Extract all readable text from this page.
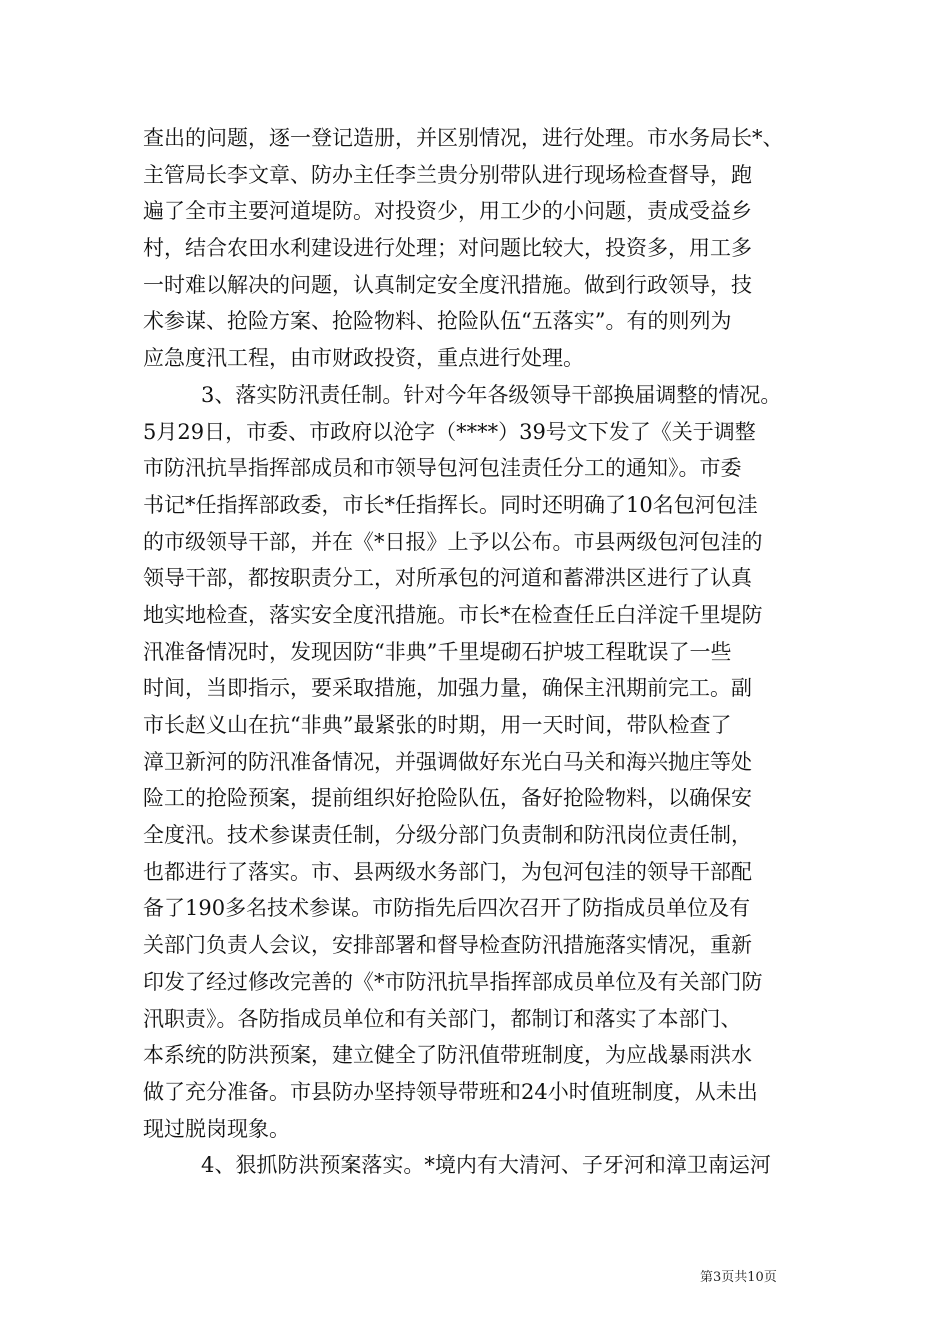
查出的问题，逐一登记造册，并区别情况，进行处理。市水务局长*、
主管局长李文章、防办主任李兰贵分别带队进行现场检查督导，跑
遍了全市主要河道堤防。对投资少，用工少的小问题，责成受益乡
村，结合农田水利建设进行处理；对问题比较大，投资多，用工多
一时难以解决的问题，认真制定安全度汛措施。做到行政领导，技
术参谋、抢险方案、抢险物料、抢险队伍“五落实”。有的则列为
应急度汛工程，由市财政投资，重点进行处理。
3、落实防汛责任制。针对今年各级领导干部换届调整的情况。
5月29日，市委、市政府以沧字（****）39号文下发了《关于调整
市防汛抗旱指挥部成员和市领导包河包洼责任分工的通知》。市委
书记*任指挥部政委，市长*任指挥长。同时还明确了10名包河包洼
的市级领导干部，并在《*日报》上予以公布。市县两级包河包洼的
领导干部，都按职责分工，对所承包的河道和蓄滞洪区进行了认真
地实地检查，落实安全度汛措施。市长*在检查任丘白洋淀千里堤防
汛准备情况时，发现因防“非典”千里堤砌石护坡工程耽误了一些
时间，当即指示，要采取措施，加强力量，确保主汛期前完工。副
市长赵义山在抗“非典”最紧张的时期，用一天时间，带队检查了
漳卫新河的防汛准备情况，并强调做好东光白马关和海兴抛庄等处
险工的抢险预案，提前组织好抢险队伍，备好抢险物料，以确保安
全度汛。技术参谋责任制，分级分部门负责制和防汛岗位责任制，
也都进行了落实。市、县两级水务部门，为包河包洼的领导干部配
备了190多名技术参谋。市防指先后四次召开了防指成员单位及有
关部门负责人会议，安排部署和督导检查防汛措施落实情况，重新
印发了经过修改完善的《*市防汛抗旱指挥部成员单位及有关部门防
汛职责》。各防指成员单位和有关部门，都制订和落实了本部门、
本系统的防洪预案，建立健全了防汛值带班制度，为应战暴雨洪水
做了充分准备。市县防办坚持领导带班和24小时值班制度，从未出
现过脱岗现象。
4、狠抓防洪预案落实。*境内有大清河、子牙河和漳卫南运河
第3页共10页
